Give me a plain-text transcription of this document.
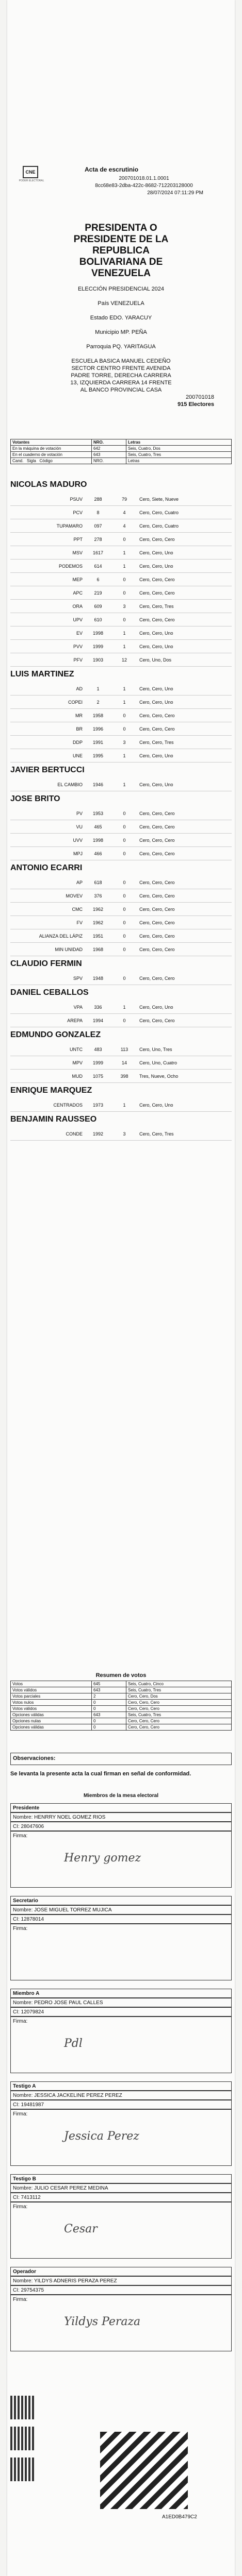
CNE
PODER ELECTORAL
Acta de escrutinio
200701018.01.1.0001
8cc68e83-2dba-422c-8682-712203128000
28/07/2024 07:11:29 PM
PRESIDENTA O
PRESIDENTE DE LA
REPUBLICA
BOLIVARIANA DE
VENEZUELA
ELECCIÓN PRESIDENCIAL 2024
País VENEZUELA
Estado EDO. YARACUY
Municipio MP. PEÑA
Parroquia PQ. YARITAGUA
ESCUELA BASICA MANUEL CEDEÑO
SECTOR CENTRO FRENTE AVENIDA
PADRE TORRE, DERECHA CARRERA
13, IZQUIERDA CARRERA 14 FRENTE
AL BANCO PROVINCIAL CASA
200701018
915 Electores
Votantes	NRO.	Letras
En la máquina de votación	642	Seis, Cuatro, Dos
En el cuaderno de votación	643	Seis, Cuatro, Tres
Cand. Sigla Código	NRO.	Letras
NICOLAS MADURO
PSUV	288	79	Cero, Siete, Nueve
PCV	8	4	Cero, Cero, Cuatro
TUPAMARO	097	4	Cero, Cero, Cuatro
PPT	278	0	Cero, Cero, Cero
MSV	1617	1	Cero, Cero, Uno
PODEMOS	614	1	Cero, Cero, Uno
MEP	6	0	Cero, Cero, Cero
APC	219	0	Cero, Cero, Cero
ORA	609	3	Cero, Cero, Tres
UPV	610	0	Cero, Cero, Cero
EV	1998	1	Cero, Cero, Uno
PVV	1999	1	Cero, Cero, Uno
PFV	1903	12	Cero, Uno, Dos
LUIS MARTINEZ
AD	1	1	Cero, Cero, Uno
COPEI	2	1	Cero, Cero, Uno
MR	1958	0	Cero, Cero, Cero
BR	1996	0	Cero, Cero, Cero
DDP	1991	3	Cero, Cero, Tres
UNE	1995	1	Cero, Cero, Uno
JAVIER BERTUCCI
EL CAMBIO	1946	1	Cero, Cero, Uno
JOSE BRITO
PV	1953	0	Cero, Cero, Cero
VU	465	0	Cero, Cero, Cero
UVV	1998	0	Cero, Cero, Cero
MPJ	466	0	Cero, Cero, Cero
ANTONIO ECARRI
AP	618	0	Cero, Cero, Cero
MOVEV	376	0	Cero, Cero, Cero
CMC	1962	0	Cero, Cero, Cero
FV	1962	0	Cero, Cero, Cero
ALIANZA DEL LÁPIZ	1951	0	Cero, Cero, Cero
MIN UNIDAD	1968	0	Cero, Cero, Cero
CLAUDIO FERMIN
SPV	1948	0	Cero, Cero, Cero
DANIEL CEBALLOS
VPA	336	1	Cero, Cero, Uno
AREPA	1994	0	Cero, Cero, Cero
EDMUNDO GONZALEZ
UNTC	483	113	Cero, Uno, Tres
MPV	1999	14	Cero, Uno, Cuatro
MUD	1075	398	Tres, Nueve, Ocho
ENRIQUE MARQUEZ
CENTRADOS	1973	1	Cero, Cero, Uno
BENJAMIN RAUSSEO
CONDE	1992	3	Cero, Cero, Tres
Resumen de votos
Votos	645	Seis, Cuatro, Cinco
Votos válidos	643	Seis, Cuatro, Tres
Votos parciales	2	Cero, Cero, Dos
Votos nulos	0	Cero, Cero, Cero
Votos válidos	0	Cero, Cero, Cero
Opciones válidas	643	Seis, Cuatro, Tres
Opciones nulas	0	Cero, Cero, Cero
Opciones válidas	0	Cero, Cero, Cero
Observaciones:
Se levanta la presente acta la cual firman en señal de conformidad.
Miembros de la mesa electoral
Presidente
Nombre: HENRRY NOEL GOMEZ RIOS
CI: 28047606
Firma:
Henry gomez
Secretario
Nombre: JOSE MIGUEL TORREZ MUJICA
CI: 12878014
Firma:
Miembro A
Nombre: PEDRO JOSE PAUL CALLES
CI: 12079824
Firma:
Pdl
Testigo A
Nombre: JESSICA JACKELINE PEREZ PEREZ
CI: 19481987
Firma:
Jessica Perez
Testigo B
Nombre: JULIO CESAR PEREZ MEDINA
CI: 7413112
Firma:
Cesar
Operador
Nombre: YILDYS ADNERIS PERAZA PEREZ
CI: 29754375
Firma:
Yildys Peraza
A1ED0B479C2
